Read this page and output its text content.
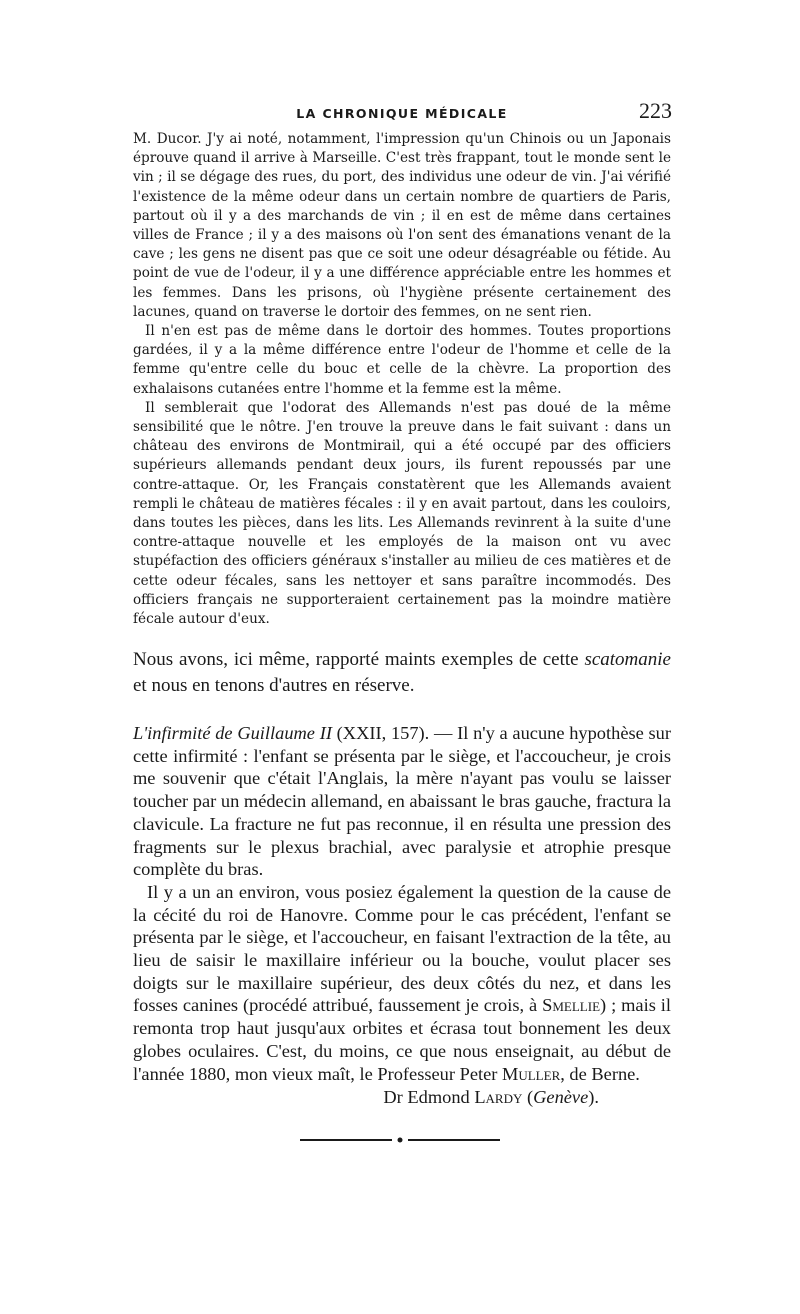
LA CHRONIQUE MÉDICALE	223

M. Ducor. J'y ai noté, notamment, l'impression qu'un Chinois ou un Japonais éprouve quand il arrive à Marseille. C'est très frappant, tout le monde sent le vin ; il se dégage des rues, du port, des individus une odeur de vin. J'ai vérifié l'existence de la même odeur dans un certain nombre de quartiers de Paris, partout où il y a des marchands de vin ; il en est de même dans certaines villes de France ; il y a des maisons où l'on sent des émanations venant de la cave ; les gens ne disent pas que ce soit une odeur désagréable ou fétide. Au point de vue de l'odeur, il y a une différence appréciable entre les hommes et les femmes. Dans les prisons, où l'hygiène présente certainement des lacunes, quand on traverse le dortoir des femmes, on ne sent rien.

Il n'en est pas de même dans le dortoir des hommes. Toutes proportions gardées, il y a la même différence entre l'odeur de l'homme et celle de la femme qu'entre celle du bouc et celle de la chèvre. La proportion des exhalaisons cutanées entre l'homme et la femme est la même.

Il semblerait que l'odorat des Allemands n'est pas doué de la même sensibilité que le nôtre. J'en trouve la preuve dans le fait suivant : dans un château des environs de Montmirail, qui a été occupé par des officiers supérieurs allemands pendant deux jours, ils furent repoussés par une contre-attaque. Or, les Français constatèrent que les Allemands avaient rempli le château de matières fécales : il y en avait partout, dans les couloirs, dans toutes les pièces, dans les lits. Les Allemands revinrent à la suite d'une contre-attaque nouvelle et les employés de la maison ont vu avec stupéfaction des officiers généraux s'installer au milieu de ces matières et de cette odeur fécales, sans les nettoyer et sans paraître incommodés. Des officiers français ne supporteraient certainement pas la moindre matière fécale autour d'eux.

Nous avons, ici même, rapporté maints exemples de cette scatomanie et nous en tenons d'autres en réserve.

L'infirmité de Guillaume II (XXII, 157). — Il n'y a aucune hypothèse sur cette infirmité : l'enfant se présenta par le siège, et l'accoucheur, je crois me souvenir que c'était l'Anglais, la mère n'ayant pas voulu se laisser toucher par un médecin allemand, en abaissant le bras gauche, fractura la clavicule. La fracture ne fut pas reconnue, il en résulta une pression des fragments sur le plexus brachial, avec paralysie et atrophie presque complète du bras.

Il y a un an environ, vous posiez également la question de la cause de la cécité du roi de Hanovre. Comme pour le cas précédent, l'enfant se présenta par le siège, et l'accoucheur, en faisant l'extraction de la tête, au lieu de saisir le maxillaire inférieur ou la bouche, voulut placer ses doigts sur le maxillaire supérieur, des deux côtés du nez, et dans les fosses canines (procédé attribué, faussement je crois, à Smellie) ; mais il remonta trop haut jusqu'aux orbites et écrasa tout bonnement les deux globes oculaires. C'est, du moins, ce que nous enseignait, au début de l'année 1880, mon vieux maît, le Professeur Peter Muller, de Berne.

Dr Edmond Lardy (Genève).
